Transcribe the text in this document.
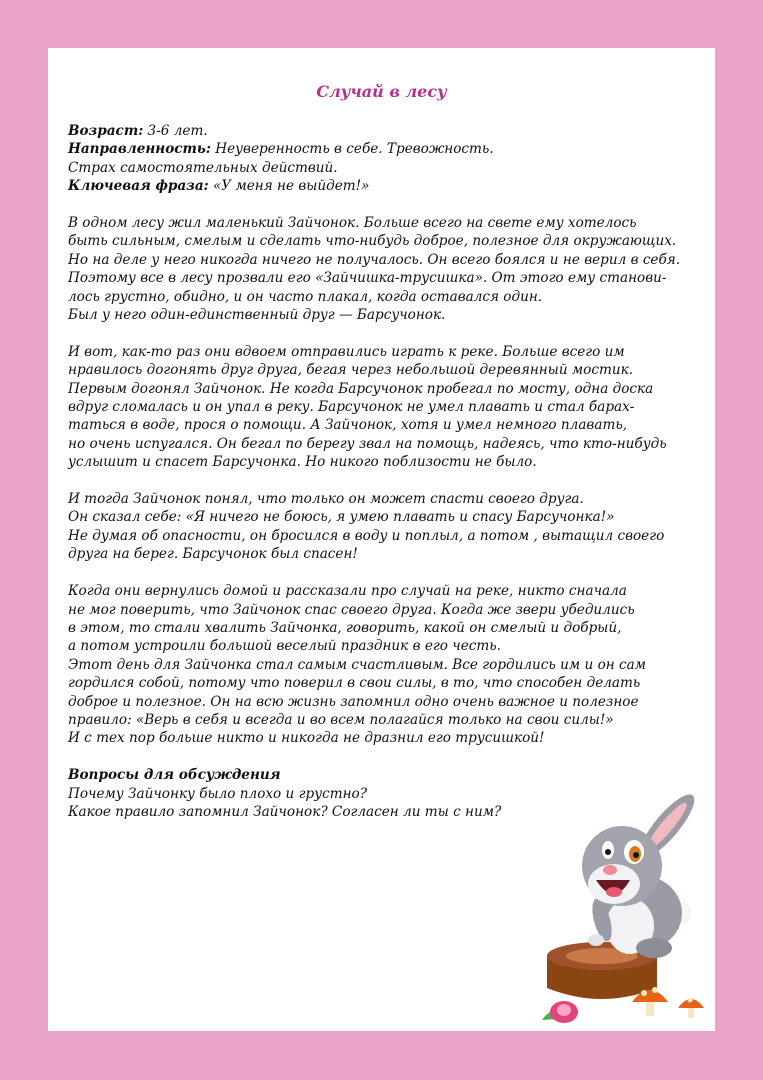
Случай в лесу

Возраст: 3-6 лет.

Направленность: Неуверенность в себе. Тревожность.

Страх самостоятельных действий.

Ключевая фраза: «У меня не выйдет!»

В одном лесу жил маленький Зайчонок. Больше всего на свете ему хотелось

быть сильным, смелым и сделать что-нибудь доброе, полезное для окружающих.

Но на деле у него никогда ничего не получалось. Он всего боялся и не верил в себя.

Поэтому все в лесу прозвали его «Зайчишка-трусишка». От этого ему станови-

лось грустно, обидно, и он часто плакал, когда оставался один.

Был у него один-единственный друг — Барсучонок.

И вот, как-то раз они вдвоем отправились играть к реке. Больше всего им

нравилось догонять друг друга, бегая через небольшой деревянный мостик.

Первым догонял Зайчонок. Не когда Барсучонок пробегал по мосту, одна доска

вдруг сломалась и он упал в реку. Барсучонок не умел плавать и стал барах-

таться в воде, прося о помощи. А Зайчонок, хотя и умел немного плавать,

но очень испугался. Он бегал по берегу звал на помощь, надеясь, что кто-нибудь

услышит и спасет Барсучонка. Но никого поблизости не было.

И тогда Зайчонок понял, что только он может спасти своего друга.

Он сказал себе: «Я ничего не боюсь, я умею плавать и спасу Барсучонка!»

Не думая об опасности, он бросился в воду и поплыл, а потом , вытащил своего

друга на берег. Барсучонок был спасен!

Когда они вернулись домой и рассказали про случай на реке, никто сначала

не мог поверить, что Зайчонок спас своего друга. Когда же звери убедились

в этом, то стали хвалить Зайчонка, говорить, какой он смелый и добрый,

а потом устроили большой веселый праздник в его честь.

Этот день для Зайчонка стал самым счастливым. Все гордились им и он сам

гордился собой, потому что поверил в свои силы, в то, что способен делать

доброе и полезное. Он на всю жизнь запомнил одно очень важное и полезное

правило: «Верь в себя и всегда и во всем полагайся только на свои силы!»

И с тех пор больше никто и никогда не дразнил его трусишкой!

Вопросы для обсуждения

Почему Зайчонку было плохо и грустно?

Какое правило запомнил Зайчонок? Согласен ли ты с ним?
